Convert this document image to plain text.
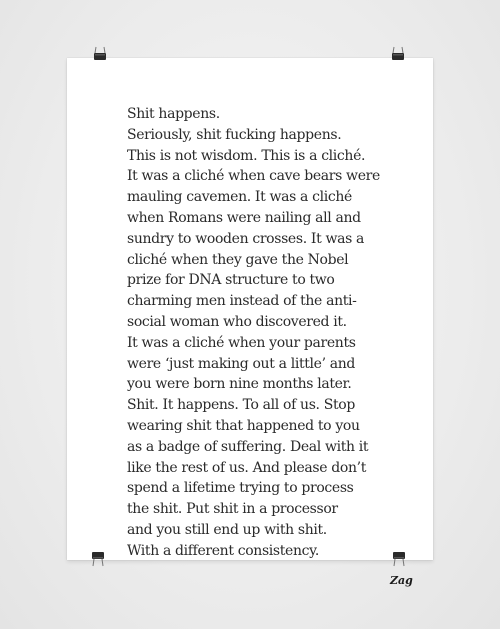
Shit happens.
Seriously, shit fucking happens.
This is not wisdom. This is a cliché.
It was a cliché when cave bears were
mauling cavemen. It was a cliché
when Romans were nailing all and
sundry to wooden crosses. It was a
cliché when they gave the Nobel
prize for DNA structure to two
charming men instead of the anti-
social woman who discovered it.
It was a cliché when your parents
were ‘just making out a little’ and
you were born nine months later.
Shit. It happens. To all of us. Stop
wearing shit that happened to you
as a badge of suffering. Deal with it
like the rest of us. And please don’t
spend a lifetime trying to process
the shit. Put shit in a processor
and you still end up with shit.
With a different consistency.
Zag
